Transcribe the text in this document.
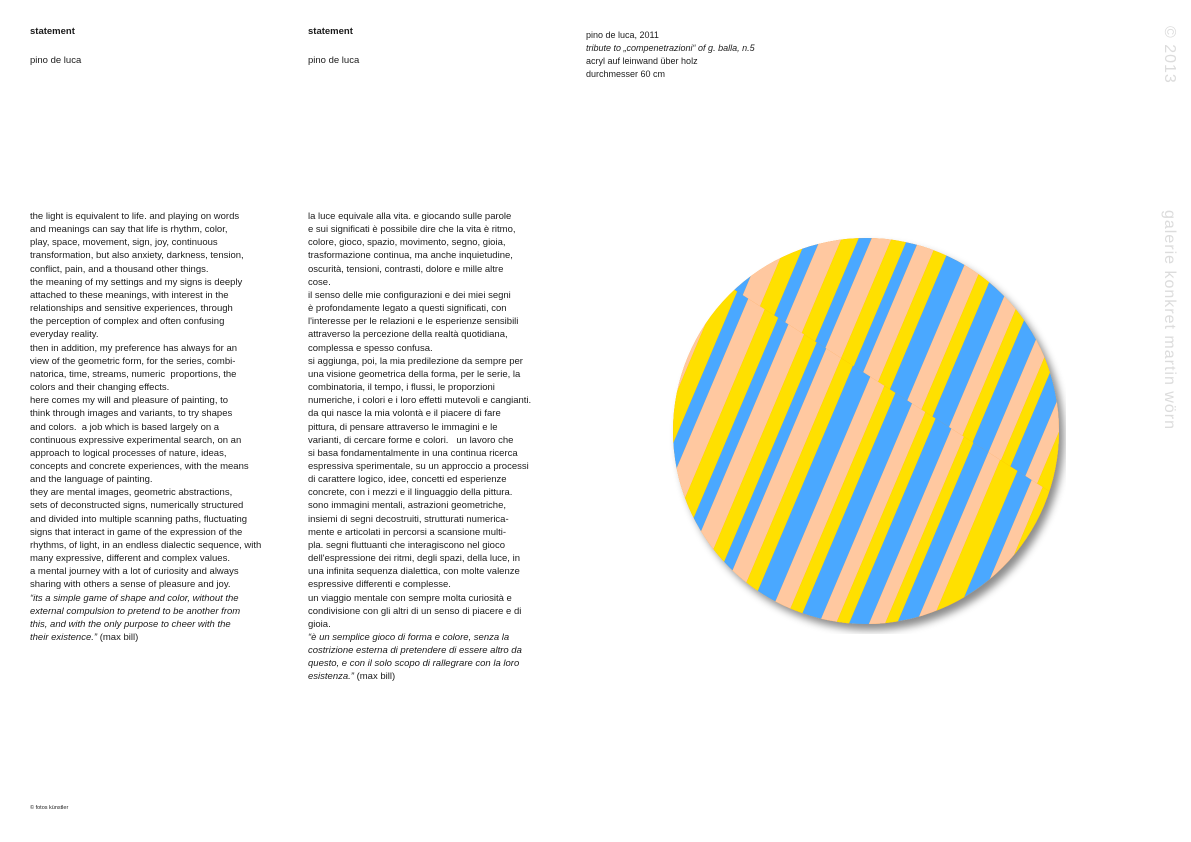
statement
pino de luca
the light is equivalent to life. and playing on words
and meanings can say that life is rhythm, color,
play, space, movement, sign, joy, continuous
transformation, but also anxiety, darkness, tension,
conflict, pain, and a thousand other things.
the meaning of my settings and my signs is deeply
attached to these meanings, with interest in the
relationships and sensitive experiences, through
the perception of complex and often confusing
everyday reality.
then in addition, my preference has always for an
view of the geometric form, for the series, combi-
natorica, time, streams, numeric  proportions, the
colors and their changing effects.
here comes my will and pleasure of painting, to
think through images and variants, to try shapes
and colors.  a job which is based largely on a
continuous expressive experimental search, on an
approach to logical processes of nature, ideas,
concepts and concrete experiences, with the means
and the language of painting.
they are mental images, geometric abstractions,
sets of deconstructed signs, numerically structured
and divided into multiple scanning paths, fluctuating
signs that interact in game of the expression of the
rhythms, of light, in an endless dialectic sequence, with
many expressive, different and complex values.
a mental journey with a lot of curiosity and always
sharing with others a sense of pleasure and joy.
“its a simple game of shape and color, without the
external compulsion to pretend to be another from
this, and with the only purpose to cheer with the
their existence.” (max bill)
statement
pino de luca
la luce equivale alla vita. e giocando sulle parole
e sui significati è possibile dire che la vita è ritmo,
colore, gioco, spazio, movimento, segno, gioia,
trasformazione continua, ma anche inquietudine,
oscurità, tensioni, contrasti, dolore e mille altre
cose.
il senso delle mie configurazioni e dei miei segni
è profondamente legato a questi significati, con
l'interesse per le relazioni e le esperienze sensibili
attraverso la percezione della realtà quotidiana,
complessa e spesso confusa.
si aggiunga, poi, la mia predilezione da sempre per
una visione geometrica della forma, per le serie, la
combinatoria, il tempo, i flussi, le proporzioni
numeriche, i colori e i loro effetti mutevoli e cangianti.
da qui nasce la mia volontà e il piacere di fare
pittura, di pensare attraverso le immagini e le
varianti, di cercare forme e colori.   un lavoro che
si basa fondamentalmente in una continua ricerca
espressiva sperimentale, su un approccio a processi
di carattere logico, idee, concetti ed esperienze
concrete, con i mezzi e il linguaggio della pittura.
sono immagini mentali, astrazioni geometriche,
insiemi di segni decostruiti, strutturati numerica-
mente e articolati in percorsi a scansione multi-
pla. segni fluttuanti che interagiscono nel gioco
dell'espressione dei ritmi, degli spazi, della luce, in
una infinita sequenza dialettica, con molte valenze
espressive differenti e complesse.
un viaggio mentale con sempre molta curiosità e
condivisione con gli altri di un senso di piacere e di
gioia.
“è un semplice gioco di forma e colore, senza la
costrizione esterna di pretendere di essere altro da
questo, e con il solo scopo di rallegrare con la loro
esistenza.” (max bill)
pino de luca, 2011
tribute to „compenetrazioni“ of g. balla, n.5
acryl auf leinwand über holz
durchmesser 60 cm	© 2013
galerie konkret martin wörn
© fotos künstler
